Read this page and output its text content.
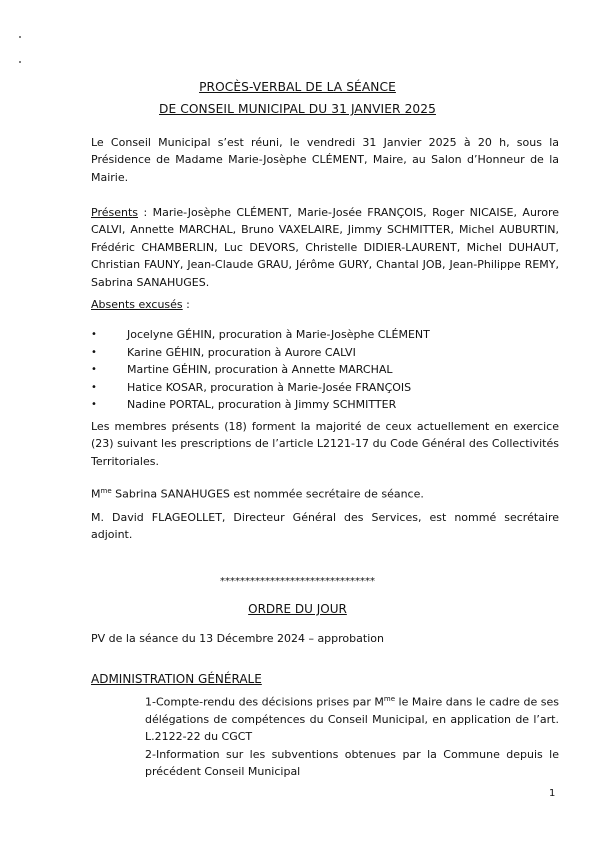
PROCÈS-VERBAL DE LA SÉANCE
DE CONSEIL MUNICIPAL DU 31 JANVIER 2025

Le Conseil Municipal s’est réuni, le vendredi 31 Janvier 2025 à 20 h, sous la Présidence de Madame Marie-Josèphe CLÉMENT, Maire, au Salon d’Honneur de la Mairie.

Présents : Marie-Josèphe CLÉMENT, Marie-Josée FRANÇOIS, Roger NICAISE, Aurore CALVI, Annette MARCHAL, Bruno VAXELAIRE, Jimmy SCHMITTER, Michel AUBURTIN, Frédéric CHAMBERLIN, Luc DEVORS, Christelle DIDIER-LAURENT, Michel DUHAUT, Christian FAUNY, Jean-Claude GRAU, Jérôme GURY, Chantal JOB, Jean-Philippe REMY, Sabrina SANAHUGES.

Absents excusés :

•	Jocelyne GÉHIN, procuration à Marie-Josèphe CLÉMENT
•	Karine GÉHIN, procuration à Aurore CALVI
•	Martine GÉHIN, procuration à Annette MARCHAL
•	Hatice KOSAR, procuration à Marie-Josée FRANÇOIS
•	Nadine PORTAL, procuration à Jimmy SCHMITTER

Les membres présents (18) forment la majorité de ceux actuellement en exercice (23) suivant les prescriptions de l’article L2121-17 du Code Général des Collectivités Territoriales.

$M^{me}$ Sabrina SANAHUGES est nommée secrétaire de séance.

M. David FLAGEOLLET, Directeur Général des Services, est nommé secrétaire adjoint.

*******************************
ORDRE DU JOUR

PV de la séance du 13 Décembre 2024 – approbation

ADMINISTRATION GÉNÉRALE

1-Compte-rendu des décisions prises par $M^{me}$ le Maire dans le cadre de ses délégations de compétences du Conseil Municipal, en application de l’art. L.2122-22 du CGCT

2-Information sur les subventions obtenues par la Commune depuis le précédent Conseil Municipal

1
